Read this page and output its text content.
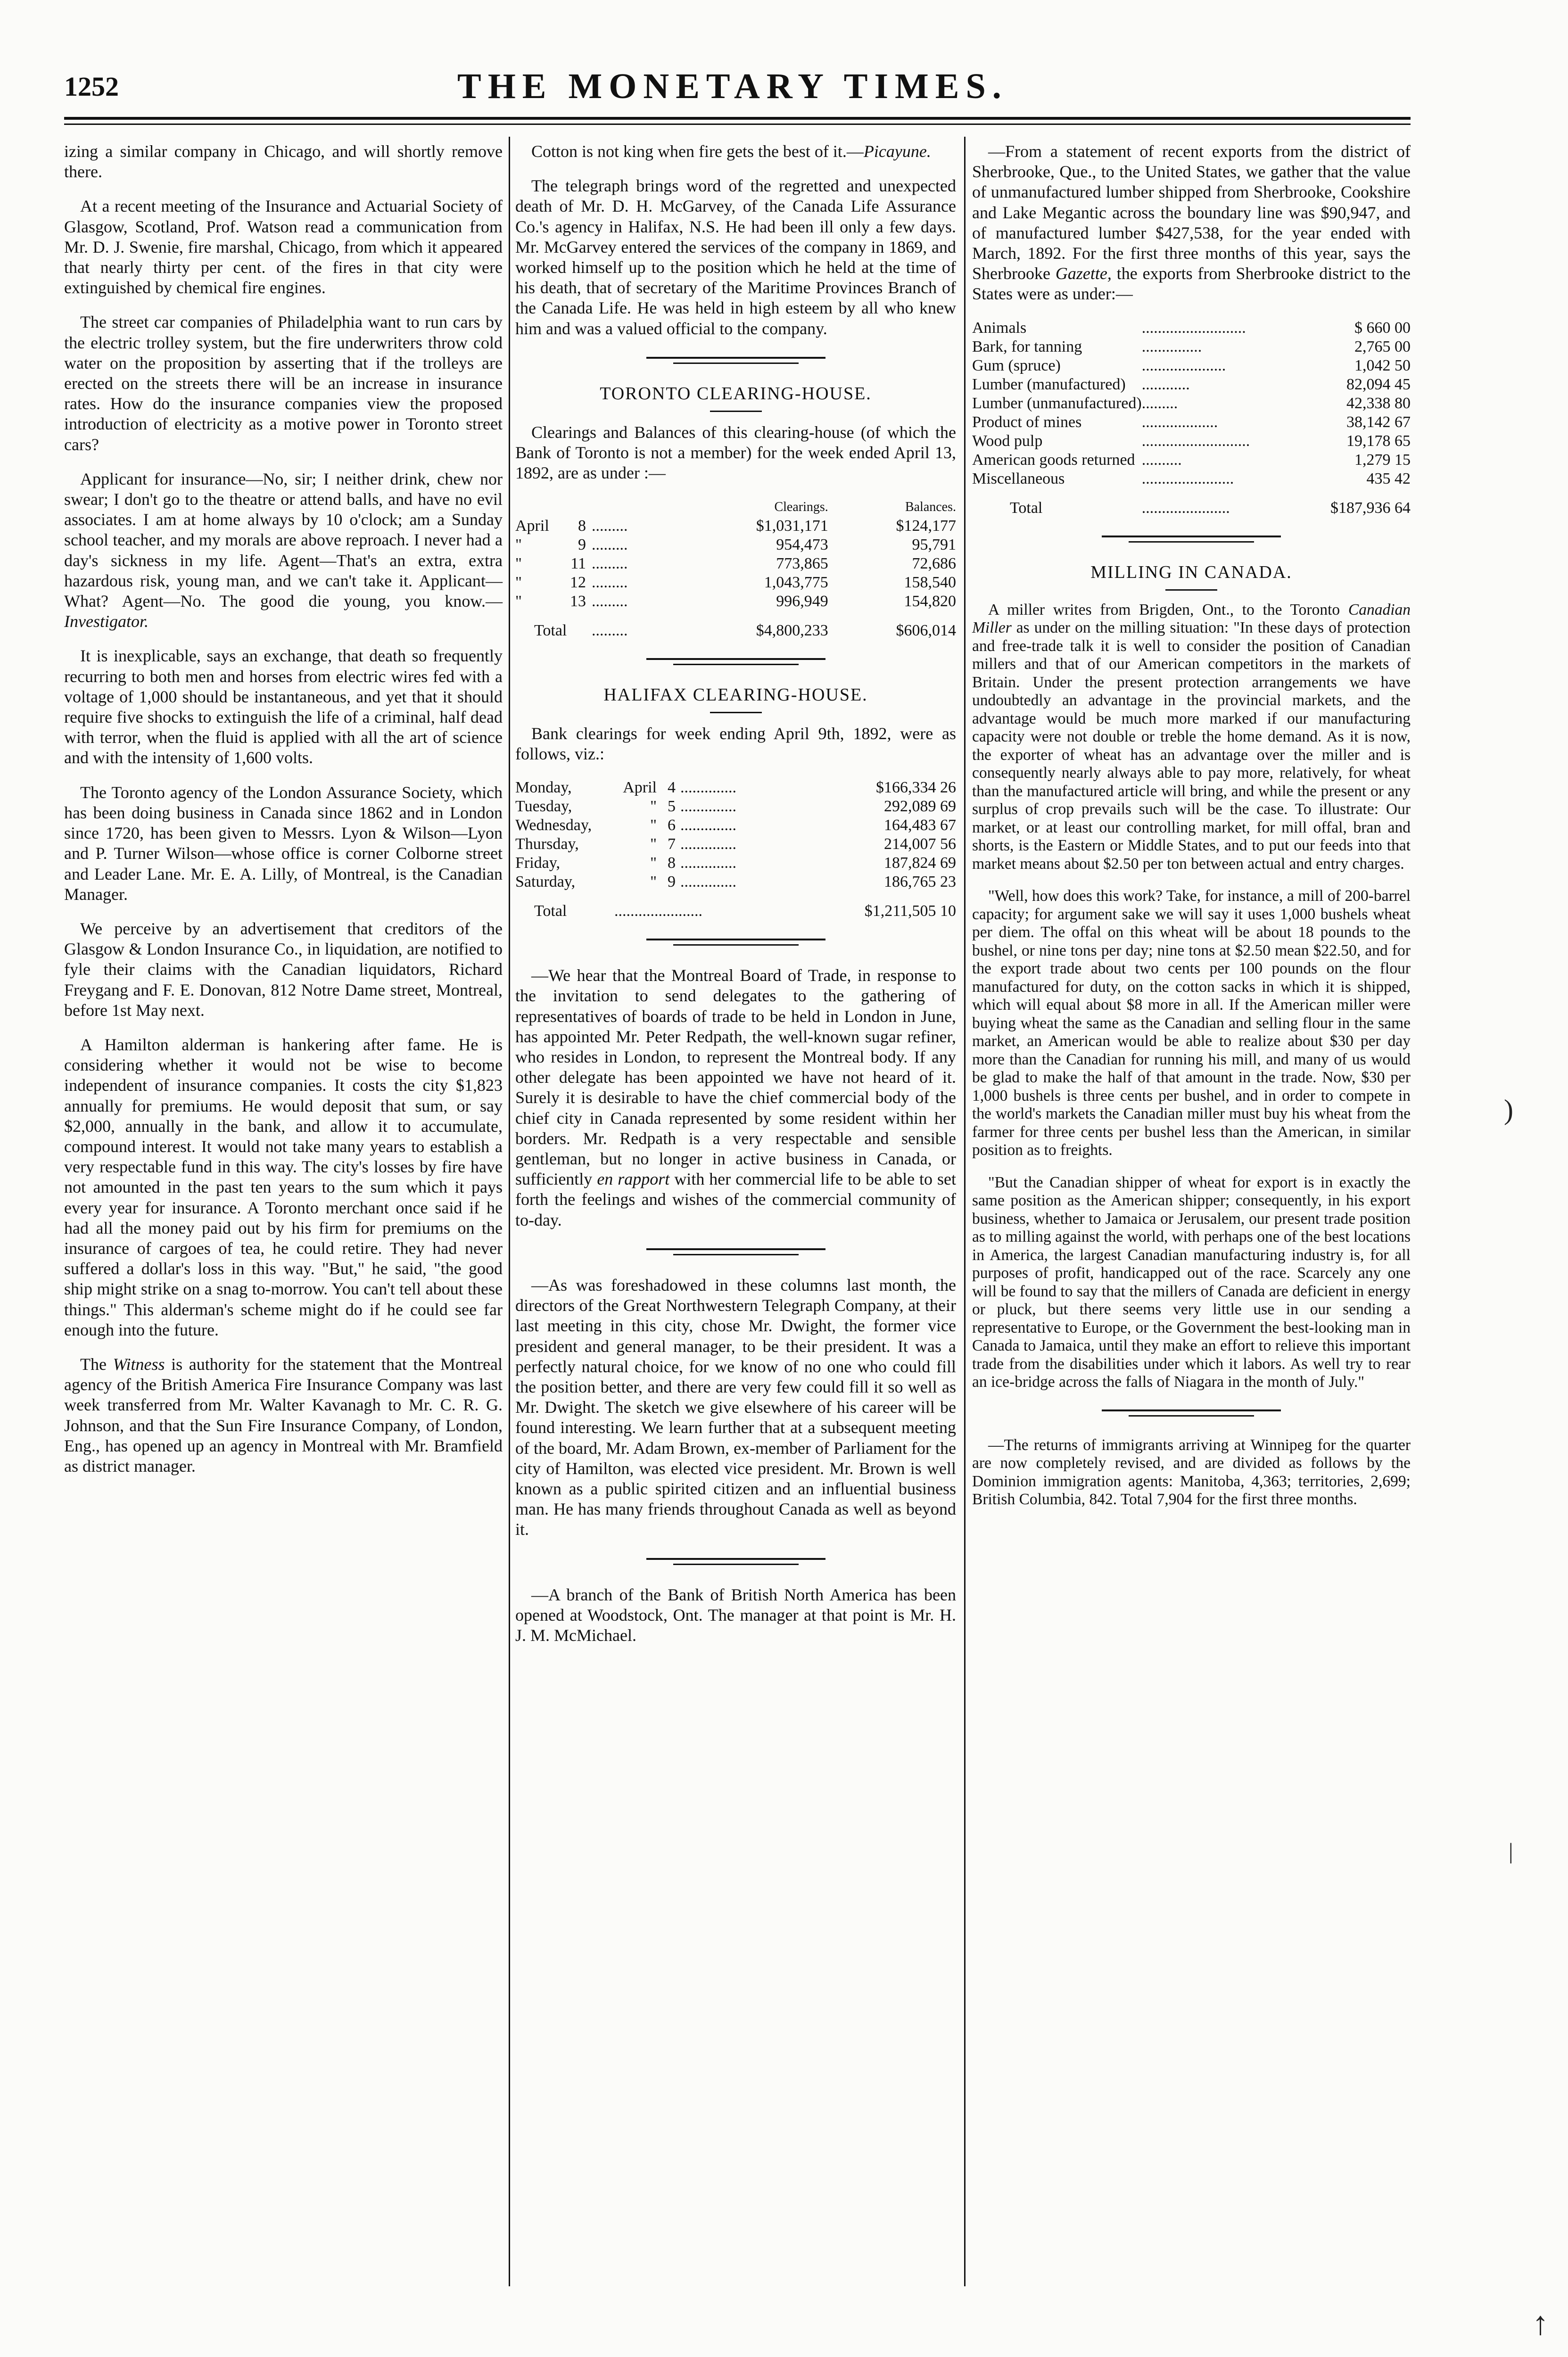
1252	THE MONETARY TIMES.

izing a similar company in Chicago, and will shortly remove there.

At a recent meeting of the Insurance and Actuarial Society of Glasgow, Scotland, Prof. Watson read a communication from Mr. D. J. Swenie, fire marshal, Chicago, from which it appeared that nearly thirty per cent. of the fires in that city were extinguished by chemical fire engines.

The street car companies of Philadelphia want to run cars by the electric trolley system, but the fire underwriters throw cold water on the proposition by asserting that if the trolleys are erected on the streets there will be an increase in insurance rates. How do the insurance companies view the proposed introduction of electricity as a motive power in Toronto street cars?

Applicant for insurance—No, sir; I neither drink, chew nor swear; I don't go to the theatre or attend balls, and have no evil associates. I am at home always by 10 o'clock; am a Sunday school teacher, and my morals are above reproach. I never had a day's sickness in my life. Agent—That's an extra, extra hazardous risk, young man, and we can't take it. Applicant—What? Agent—No. The good die young, you know.—Investigator.

It is inexplicable, says an exchange, that death so frequently recurring to both men and horses from electric wires fed with a voltage of 1,000 should be instantaneous, and yet that it should require five shocks to extinguish the life of a criminal, half dead with terror, when the fluid is applied with all the art of science and with the intensity of 1,600 volts.

The Toronto agency of the London Assurance Society, which has been doing business in Canada since 1862 and in London since 1720, has been given to Messrs. Lyon & Wilson—Lyon and P. Turner Wilson—whose office is corner Colborne street and Leader Lane. Mr. E. A. Lilly, of Montreal, is the Canadian Manager.

We perceive by an advertisement that creditors of the Glasgow & London Insurance Co., in liquidation, are notified to fyle their claims with the Canadian liquidators, Richard Freygang and F. E. Donovan, 812 Notre Dame street, Montreal, before 1st May next.

A Hamilton alderman is hankering after fame. He is considering whether it would not be wise to become independent of insurance companies. It costs the city $1,823 annually for premiums. He would deposit that sum, or say $2,000, annually in the bank, and allow it to accumulate, compound interest. It would not take many years to establish a very respectable fund in this way. The city's losses by fire have not amounted in the past ten years to the sum which it pays every year for insurance. A Toronto merchant once said if he had all the money paid out by his firm for premiums on the insurance of cargoes of tea, he could retire. They had never suffered a dollar's loss in this way. "But," he said, "the good ship might strike on a snag to-morrow. You can't tell about these things." This alderman's scheme might do if he could see far enough into the future.

The Witness is authority for the statement that the Montreal agency of the British America Fire Insurance Company was last week transferred from Mr. Walter Kavanagh to Mr. C. R. G. Johnson, and that the Sun Fire Insurance Company, of London, Eng., has opened up an agency in Montreal with Mr. Bramfield as district manager.

Cotton is not king when fire gets the best of it.—Picayune.

The telegraph brings word of the regretted and unexpected death of Mr. D. H. McGarvey, of the Canada Life Assurance Co.'s agency in Halifax, N.S. He had been ill only a few days. Mr. McGarvey entered the services of the company in 1869, and worked himself up to the position which he held at the time of his death, that of secretary of the Maritime Provinces Branch of the Canada Life. He was held in high esteem by all who knew him and was a valued official to the company.

TORONTO CLEARING-HOUSE.

Clearings and Balances of this clearing-house (of which the Bank of Toronto is not a member) for the week ended April 13, 1892, are as under :—

			Clearings.	Balances.
April	8	.........	$1,031,171	$124,177
"	9	.........	954,473	95,791
"	11	.........	773,865	72,686
"	12	.........	1,043,775	158,540
"	13	.........	996,949	154,820
Total		.........	$4,800,233	$606,014
HALIFAX CLEARING-HOUSE.

Bank clearings for week ending April 9th, 1892, were as follows, viz.:

Monday,	April	4	..............	$166,334 26
Tuesday,	"	5	..............	292,089 69
Wednesday,	"	6	..............	164,483 67
Thursday,	"	7	..............	214,007 56
Friday,	"	8	..............	187,824 69
Saturday,	"	9	..............	186,765 23
Total	......................			$1,211,505 10

—We hear that the Montreal Board of Trade, in response to the invitation to send delegates to the gathering of representatives of boards of trade to be held in London in June, has appointed Mr. Peter Redpath, the well-known sugar refiner, who resides in London, to represent the Montreal body. If any other delegate has been appointed we have not heard of it. Surely it is desirable to have the chief commercial body of the chief city in Canada represented by some resident within her borders. Mr. Redpath is a very respectable and sensible gentleman, but no longer in active business in Canada, or sufficiently en rapport with her commercial life to be able to set forth the feelings and wishes of the commercial community of to-day.

—As was foreshadowed in these columns last month, the directors of the Great Northwestern Telegraph Company, at their last meeting in this city, chose Mr. Dwight, the former vice president and general manager, to be their president. It was a perfectly natural choice, for we know of no one who could fill the position better, and there are very few could fill it so well as Mr. Dwight. The sketch we give elsewhere of his career will be found interesting. We learn further that at a subsequent meeting of the board, Mr. Adam Brown, ex-member of Parliament for the city of Hamilton, was elected vice president. Mr. Brown is well known as a public spirited citizen and an influential business man. He has many friends throughout Canada as well as beyond it.

—A branch of the Bank of British North America has been opened at Woodstock, Ont. The manager at that point is Mr. H. J. M. McMichael.

—From a statement of recent exports from the district of Sherbrooke, Que., to the United States, we gather that the value of unmanufactured lumber shipped from Sherbrooke, Cookshire and Lake Megantic across the boundary line was $90,947, and of manufactured lumber $427,538, for the year ended with March, 1892. For the first three months of this year, says the Sherbrooke Gazette, the exports from Sherbrooke district to the States were as under:—

Animals	..........................	$ 660 00
Bark, for tanning	...............	2,765 00
Gum (spruce)	.....................	1,042 50
Lumber (manufactured)	............	82,094 45
Lumber (unmanufactured)	.........	42,338 80
Product of mines	...................	38,142 67
Wood pulp	...........................	19,178 65
American goods returned	..........	1,279 15
Miscellaneous	.......................	435 42
Total	......................	$187,936 64
MILLING IN CANADA.

A miller writes from Brigden, Ont., to the Toronto Canadian Miller as under on the milling situation: "In these days of protection and free-trade talk it is well to consider the position of Canadian millers and that of our American competitors in the markets of Britain. Under the present protection arrangements we have undoubtedly an advantage in the provincial markets, and the advantage would be much more marked if our manufacturing capacity were not double or treble the home demand. As it is now, the exporter of wheat has an advantage over the miller and is consequently nearly always able to pay more, relatively, for wheat than the manufactured article will bring, and while the present or any surplus of crop prevails such will be the case. To illustrate: Our market, or at least our controlling market, for mill offal, bran and shorts, is the Eastern or Middle States, and to put our feeds into that market means about $2.50 per ton between actual and entry charges.

"Well, how does this work? Take, for instance, a mill of 200-barrel capacity; for argument sake we will say it uses 1,000 bushels wheat per diem. The offal on this wheat will be about 18 pounds to the bushel, or nine tons per day; nine tons at $2.50 mean $22.50, and for the export trade about two cents per 100 pounds on the flour manufactured for duty, on the cotton sacks in which it is shipped, which will equal about $8 more in all. If the American miller were buying wheat the same as the Canadian and selling flour in the same market, an American would be able to realize about $30 per day more than the Canadian for running his mill, and many of us would be glad to make the half of that amount in the trade. Now, $30 per 1,000 bushels is three cents per bushel, and in order to compete in the world's markets the Canadian miller must buy his wheat from the farmer for three cents per bushel less than the American, in similar position as to freights.

"But the Canadian shipper of wheat for export is in exactly the same position as the American shipper; consequently, in his export business, whether to Jamaica or Jerusalem, our present trade position as to milling against the world, with perhaps one of the best locations in America, the largest Canadian manufacturing industry is, for all purposes of profit, handicapped out of the race. Scarcely any one will be found to say that the millers of Canada are deficient in energy or pluck, but there seems very little use in our sending a representative to Europe, or the Government the best-looking man in Canada to Jamaica, until they make an effort to relieve this important trade from the disabilities under which it labors. As well try to rear an ice-bridge across the falls of Niagara in the month of July."

—The returns of immigrants arriving at Winnipeg for the quarter are now completely revised, and are divided as follows by the Dominion immigration agents: Manitoba, 4,363; territories, 2,699; British Columbia, 842. Total 7,904 for the first three months.

)
|
↑
